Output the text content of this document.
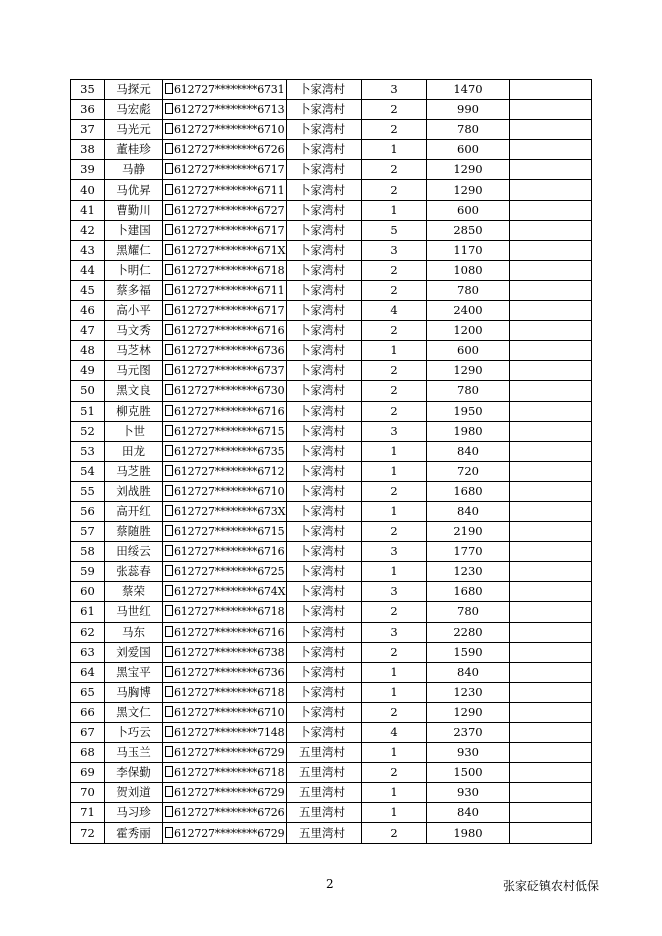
35	马探元	612727********6731	卜家湾村	3	1470	
36	马宏彪	612727********6713	卜家湾村	2	990	
37	马光元	612727********6710	卜家湾村	2	780	
38	董桂珍	612727********6726	卜家湾村	1	600	
39	马静	612727********6717	卜家湾村	2	1290	
40	马优昇	612727********6711	卜家湾村	2	1290	
41	曹勤川	612727********6727	卜家湾村	1	600	
42	卜建国	612727********6717	卜家湾村	5	2850	
43	黑耀仁	612727********671X	卜家湾村	3	1170	
44	卜明仁	612727********6718	卜家湾村	2	1080	
45	蔡多福	612727********6711	卜家湾村	2	780	
46	高小平	612727********6717	卜家湾村	4	2400	
47	马文秀	612727********6716	卜家湾村	2	1200	
48	马芝林	612727********6736	卜家湾村	1	600	
49	马元图	612727********6737	卜家湾村	2	1290	
50	黑文良	612727********6730	卜家湾村	2	780	
51	柳克胜	612727********6716	卜家湾村	2	1950	
52	卜世	612727********6715	卜家湾村	3	1980	
53	田龙	612727********6735	卜家湾村	1	840	
54	马芝胜	612727********6712	卜家湾村	1	720	
55	刘战胜	612727********6710	卜家湾村	2	1680	
56	高开红	612727********673X	卜家湾村	1	840	
57	蔡随胜	612727********6715	卜家湾村	2	2190	
58	田绥云	612727********6716	卜家湾村	3	1770	
59	张蕊春	612727********6725	卜家湾村	1	1230	
60	蔡荣	612727********674X	卜家湾村	3	1680	
61	马世红	612727********6718	卜家湾村	2	780	
62	马东	612727********6716	卜家湾村	3	2280	
63	刘爱国	612727********6738	卜家湾村	2	1590	
64	黑宝平	612727********6736	卜家湾村	1	840	
65	马胸博	612727********6718	卜家湾村	1	1230	
66	黑文仁	612727********6710	卜家湾村	2	1290	
67	卜巧云	612727********7148	卜家湾村	4	2370	
68	马玉兰	612727********6729	五里湾村	1	930	
69	李保勤	612727********6718	五里湾村	2	1500	
70	贺刘道	612727********6729	五里湾村	1	930	
71	马习珍	612727********6726	五里湾村	1	840	
72	霍秀丽	612727********6729	五里湾村	2	1980	
2	张家砭镇农村低保
